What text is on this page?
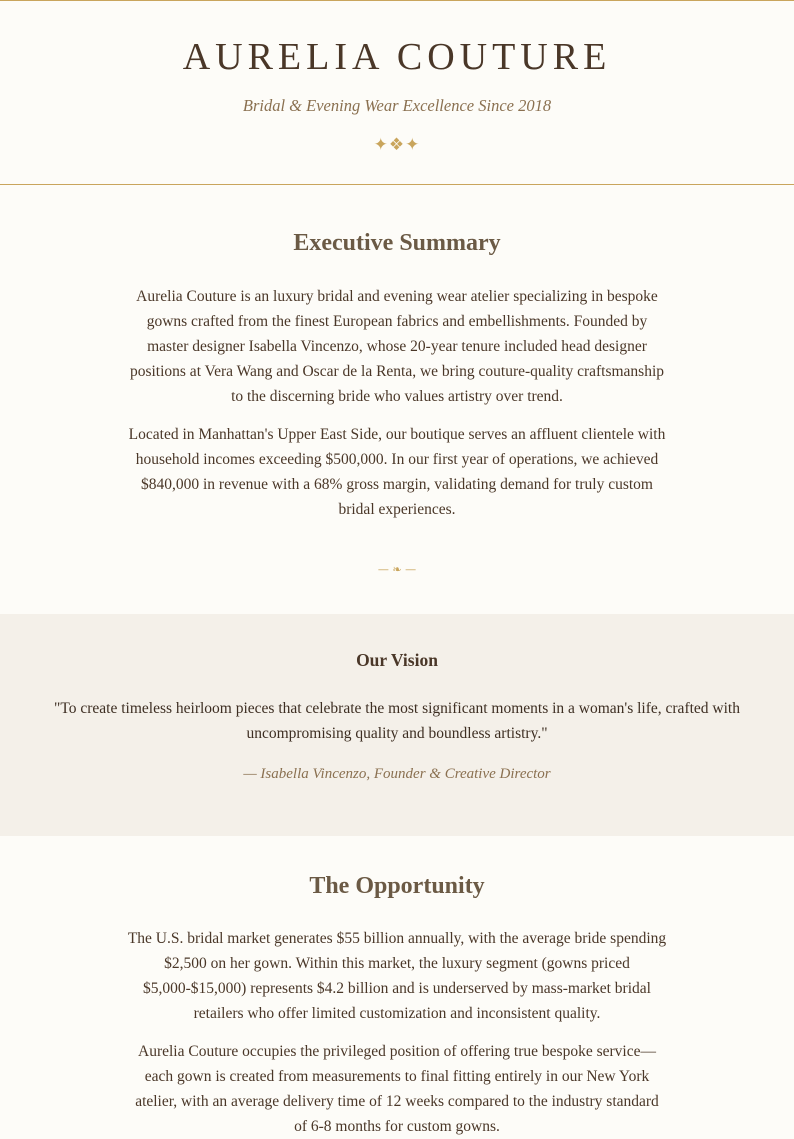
AURELIA COUTURE
Bridal & Evening Wear Excellence Since 2018
✦❖✦
Executive Summary

Aurelia Couture is an luxury bridal and evening wear atelier specializing in bespoke gowns crafted from the finest European fabrics and embellishments. Founded by master designer Isabella Vincenzo, whose 20-year tenure included head designer positions at Vera Wang and Oscar de la Renta, we bring couture-quality craftsmanship to the discerning bride who values artistry over trend.

Located in Manhattan's Upper East Side, our boutique serves an affluent clientele with household incomes exceeding $500,000. In our first year of operations, we achieved $840,000 in revenue with a 68% gross margin, validating demand for truly custom bridal experiences.

— ❧ —
Our Vision

"To create timeless heirloom pieces that celebrate the most significant moments in a woman's life, crafted with uncompromising quality and boundless artistry."

— Isabella Vincenzo, Founder & Creative Director

The Opportunity

The U.S. bridal market generates $55 billion annually, with the average bride spending $2,500 on her gown. Within this market, the luxury segment (gowns priced $5,000-$15,000) represents $4.2 billion and is underserved by mass-market bridal retailers who offer limited customization and inconsistent quality.

Aurelia Couture occupies the privileged position of offering true bespoke service—each gown is created from measurements to final fitting entirely in our New York atelier, with an average delivery time of 12 weeks compared to the industry standard of 6-8 months for custom gowns.
